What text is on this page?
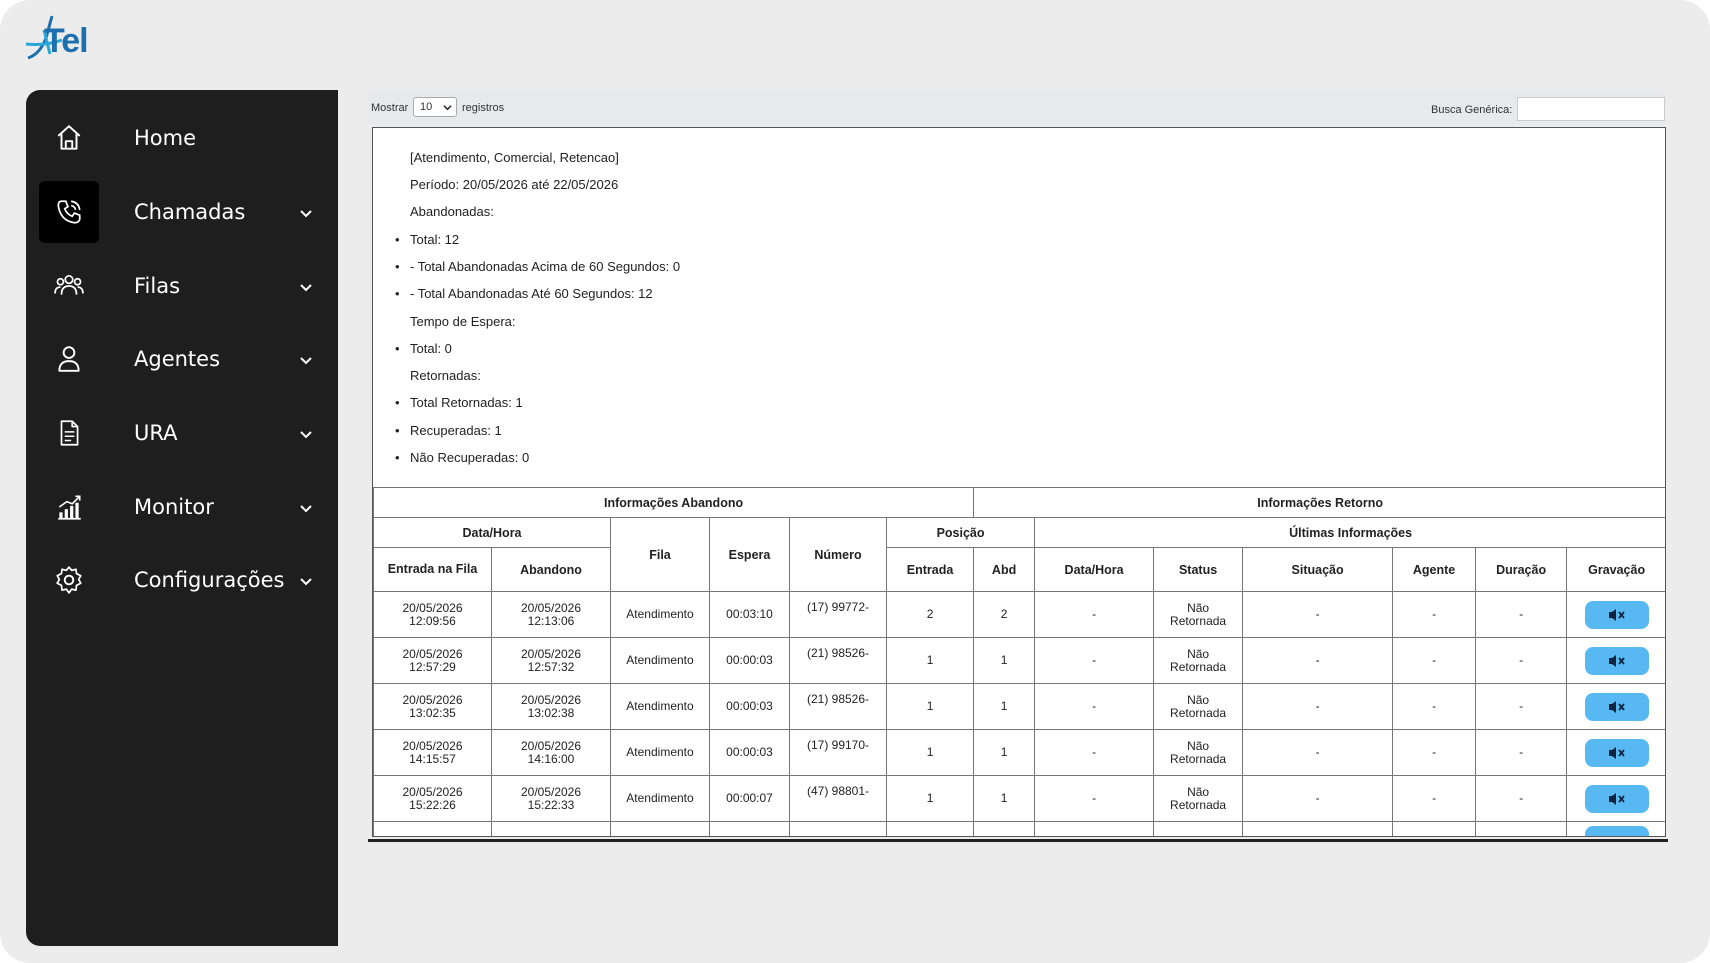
Tel
Home
Chamadas
Filas
Agentes
URA
Monitor
Configurações
Mostrar	10	registros	Busca Genérica:
[Atendimento, Comercial, Retencao]
Período: 20/05/2026 até 22/05/2026
Abandonadas:
• Total: 12
• - Total Abandonadas Acima de 60 Segundos: 0
• - Total Abandonadas Até 60 Segundos: 12
Tempo de Espera:
• Total: 0
Retornadas:
• Total Retornadas: 1
• Recuperadas: 1
• Não Recuperadas: 0
Informações Abandono						Informações Retorno						
Data/Hora		Fila	Espera	Número	Posição		Últimas Informações					
Entrada na Fila	Abandono				Entrada	Abd	Data/Hora	Status	Situação	Agente	Duração	Gravação
20/05/2026
12:09:56	20/05/2026
12:13:06	Atendimento	00:03:10	(17) 99772-	2	2	-	Não
Retornada	-	-	-	

20/05/2026
12:57:29	20/05/2026
12:57:32	Atendimento	00:00:03	(21) 98526-	1	1	-	Não
Retornada	-	-	-	

20/05/2026
13:02:35	20/05/2026
13:02:38	Atendimento	00:00:03	(21) 98526-	1	1	-	Não
Retornada	-	-	-	

20/05/2026
14:15:57	20/05/2026
14:16:00	Atendimento	00:00:03	(17) 99170-	1	1	-	Não
Retornada	-	-	-	

20/05/2026
15:22:26	20/05/2026
15:22:33	Atendimento	00:00:07	(47) 98801-	1	1	-	Não
Retornada	-	-	-	
